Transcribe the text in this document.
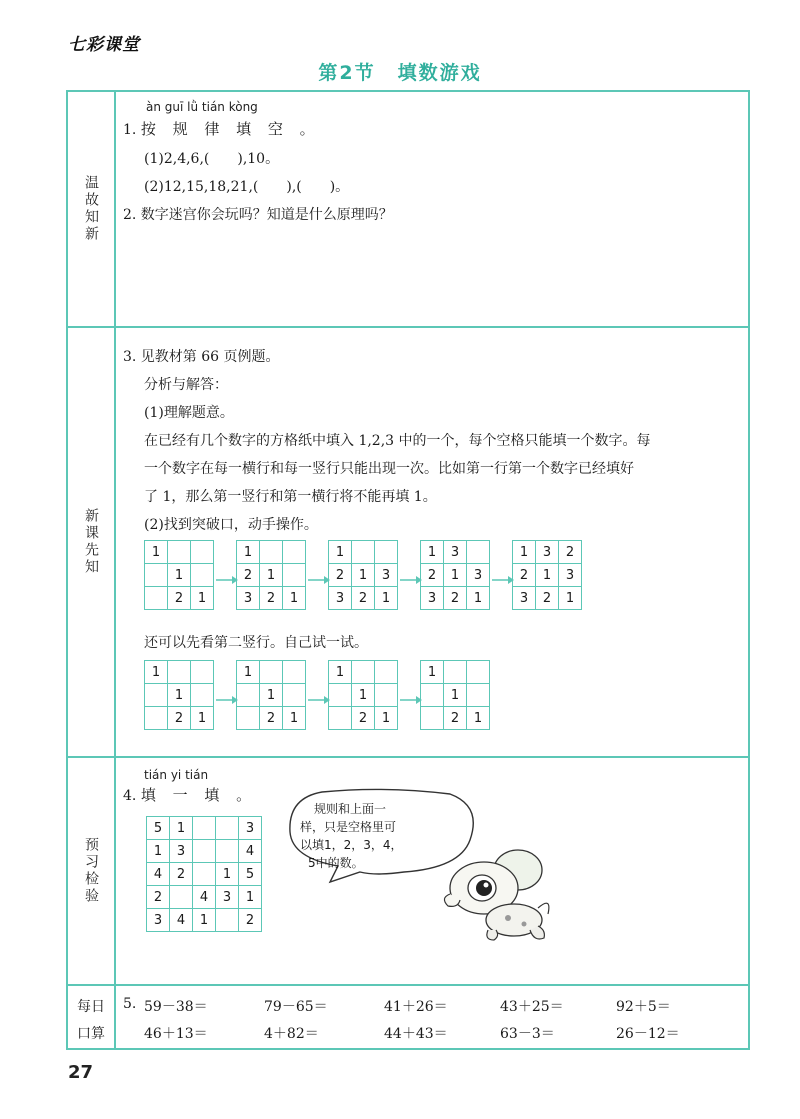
七彩课堂
第2节 填数游戏
温故知新
新课先知
预习检验
每日
口算
àn guī lǜ tián kòng
1. 按 规 律 填 空 。
(1)2,4,6,(　　),10。
(2)12,15,18,21,(　　),(　　)。
2. 数字迷宫你会玩吗？知道是什么原理吗？
3. 见教材第 66 页例题。
分析与解答：
(1)理解题意。
在已经有几个数字的方格纸中填入 1,2,3 中的一个，每个空格只能填一个数字。每
一个数字在每一横行和每一竖行只能出现一次。比如第一行第一个数字已经填好
了 1，那么第一竖行和第一横行将不能再填 1。
(2)找到突破口，动手操作。
1		
	1	
	2	1
1		
2	1	
3	2	1
1		
2	1	3
3	2	1
1	3	
2	1	3
3	2	1
1	3	2
2	1	3
3	2	1
还可以先看第二竖行。自己试一试。
1		
	1	
	2	1
1		
	1	
	2	1
1		
	1	
	2	1
1		
	1	
	2	1
tián yi tián
4. 填 一 填 。
5	1			3
1	3			4
4	2		1	5
2		4	3	1
3	4	1		2
规则和上面一
样，只是空格里可
以填1，2，3，4，
5中的数。
5. 59－38＝	79－65＝	41＋26＝	43＋25＝	92＋5＝
46＋13＝	4＋82＝	44＋43＝	63－3＝	26－12＝
27
